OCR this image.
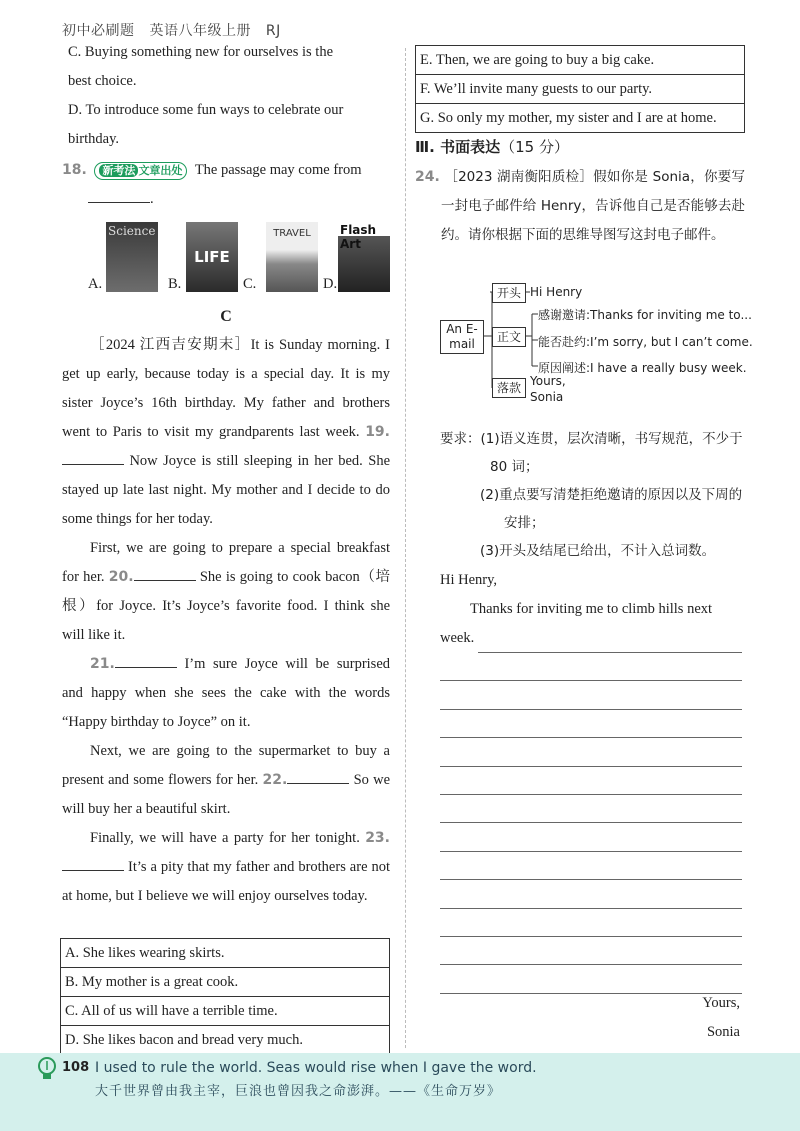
初中必刷题 英语八年级上册 RJ

C. Buying something new for ourselves is the
best choice.

D. To introduce some fun ways to celebrate our
birthday.

18. 新考法 文章出处 The passage may come from

.

A.
Science
B.
LIFE
C.
TRAVEL
D.
Flash Art

C

［2024 江西吉安期末］It is Sunday morning. I get up early, because today is a special day. It is my sister Joyce’s 16th birthday. My father and brothers went to Paris to visit my grandparents last week. 19. Now Joyce is still sleeping in her bed. She stayed up late last night. My mother and I decide to do some things for her today.

First, we are going to prepare a special breakfast for her. 20.	She is going to cook bacon（培根）for Joyce. It’s Joyce’s favorite food. I think she will like it.

21.	I’m sure Joyce will be surprised and happy when she sees the cake with the words “Happy birthday to Joyce” on it.

Next, we are going to the supermarket to buy a present and some flowers for her. 22.	So we will buy her a beautiful skirt.

Finally, we will have a party for her tonight. 23. It’s a pity that my father and brothers are not at home, but I believe we will enjoy ourselves today.

A. She likes wearing skirts.
B. My mother is a great cook.
C. All of us will have a terrible time.
D. She likes bacon and bread very much.
E. Then, we are going to buy a big cake.
F. We’ll invite many guests to our party.
G. So only my mother, my sister and I are at home.
Ⅲ. 书面表达（15 分）

24. ［2023 湖南衡阳质检］假如你是 Sonia，你要写一封电子邮件给 Henry，告诉他自己是否能够去赴约。请你根据下面的思维导图写这封电子邮件。

An E-mail
开头 Hi Henry
正文
感谢邀请:Thanks for inviting me to...
能否赴约:I’m sorry, but I can’t come.
原因阐述:I have a really busy week.
落款 Yours,
Sonia

要求：(1)语义连贯，层次清晰，书写规范，不少于 80 词；

(2)重点要写清楚拒绝邀请的原因以及下周的安排；

(3)开头及结尾已给出，不计入总词数。

Hi Henry,

Thanks for inviting me to climb hills next

week.

Yours,

Sonia

108 I used to rule the world. Seas would rise when I gave the word.
大千世界曾由我主宰，巨浪也曾因我之命澎湃。——《生命万岁》
